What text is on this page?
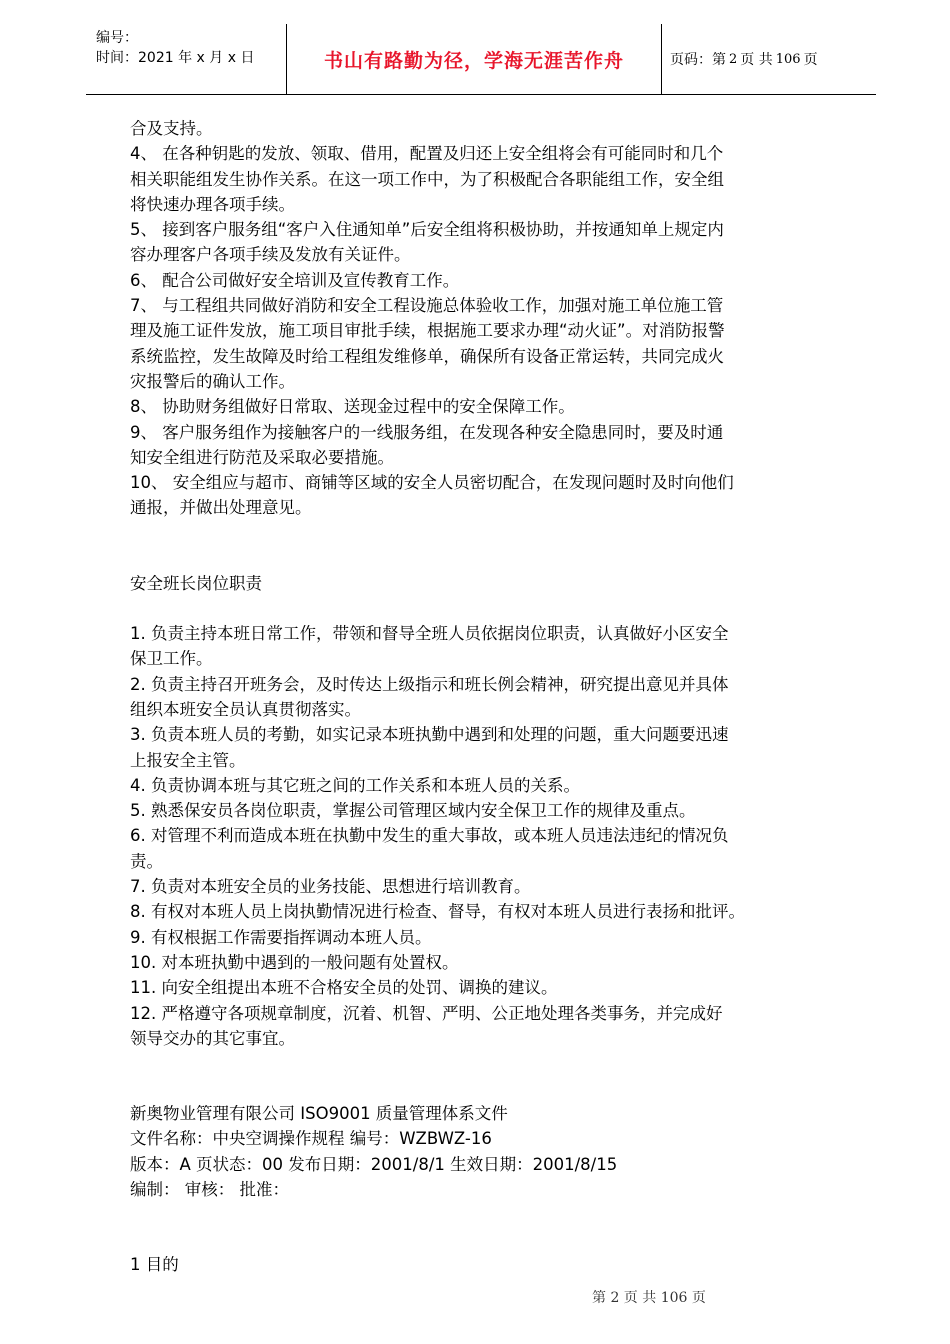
编号：
时间：2021 年 x 月 x 日	书山有路勤为径，学海无涯苦作舟	页码：第 2 页 共 106 页

合及支持。

4、 在各种钥匙的发放、领取、借用，配置及归还上安全组将会有可能同时和几个

相关职能组发生协作关系。在这一项工作中，为了积极配合各职能组工作，安全组

将快速办理各项手续。

5、 接到客户服务组“客户入住通知单”后安全组将积极协助，并按通知单上规定内

容办理客户各项手续及发放有关证件。

6、 配合公司做好安全培训及宣传教育工作。

7、 与工程组共同做好消防和安全工程设施总体验收工作，加强对施工单位施工管

理及施工证件发放，施工项目审批手续，根据施工要求办理“动火证”。对消防报警

系统监控，发生故障及时给工程组发维修单，确保所有设备正常运转，共同完成火

灾报警后的确认工作。

8、 协助财务组做好日常取、送现金过程中的安全保障工作。

9、 客户服务组作为接触客户的一线服务组，在发现各种安全隐患同时，要及时通

知安全组进行防范及采取必要措施。

10、 安全组应与超市、商铺等区域的安全人员密切配合，在发现问题时及时向他们

通报，并做出处理意见。

安全班长岗位职责

1. 负责主持本班日常工作，带领和督导全班人员依据岗位职责，认真做好小区安全

保卫工作。

2. 负责主持召开班务会，及时传达上级指示和班长例会精神，研究提出意见并具体

组织本班安全员认真贯彻落实。

3. 负责本班人员的考勤，如实记录本班执勤中遇到和处理的问题，重大问题要迅速

上报安全主管。

4. 负责协调本班与其它班之间的工作关系和本班人员的关系。

5. 熟悉保安员各岗位职责，掌握公司管理区域内安全保卫工作的规律及重点。

6. 对管理不利而造成本班在执勤中发生的重大事故，或本班人员违法违纪的情况负

责。

7. 负责对本班安全员的业务技能、思想进行培训教育。

8. 有权对本班人员上岗执勤情况进行检查、督导，有权对本班人员进行表扬和批评。

9. 有权根据工作需要指挥调动本班人员。

10. 对本班执勤中遇到的一般问题有处置权。

11. 向安全组提出本班不合格安全员的处罚、调换的建议。

12. 严格遵守各项规章制度，沉着、机智、严明、公正地处理各类事务，并完成好

领导交办的其它事宜。

新奥物业管理有限公司 ISO9001 质量管理体系文件

文件名称：中央空调操作规程 编号：WZBWZ-16

版本：A 页状态：00 发布日期：2001/8/1 生效日期：2001/8/15

编制： 审核： 批准：

1 目的

第 2 页 共 106 页
